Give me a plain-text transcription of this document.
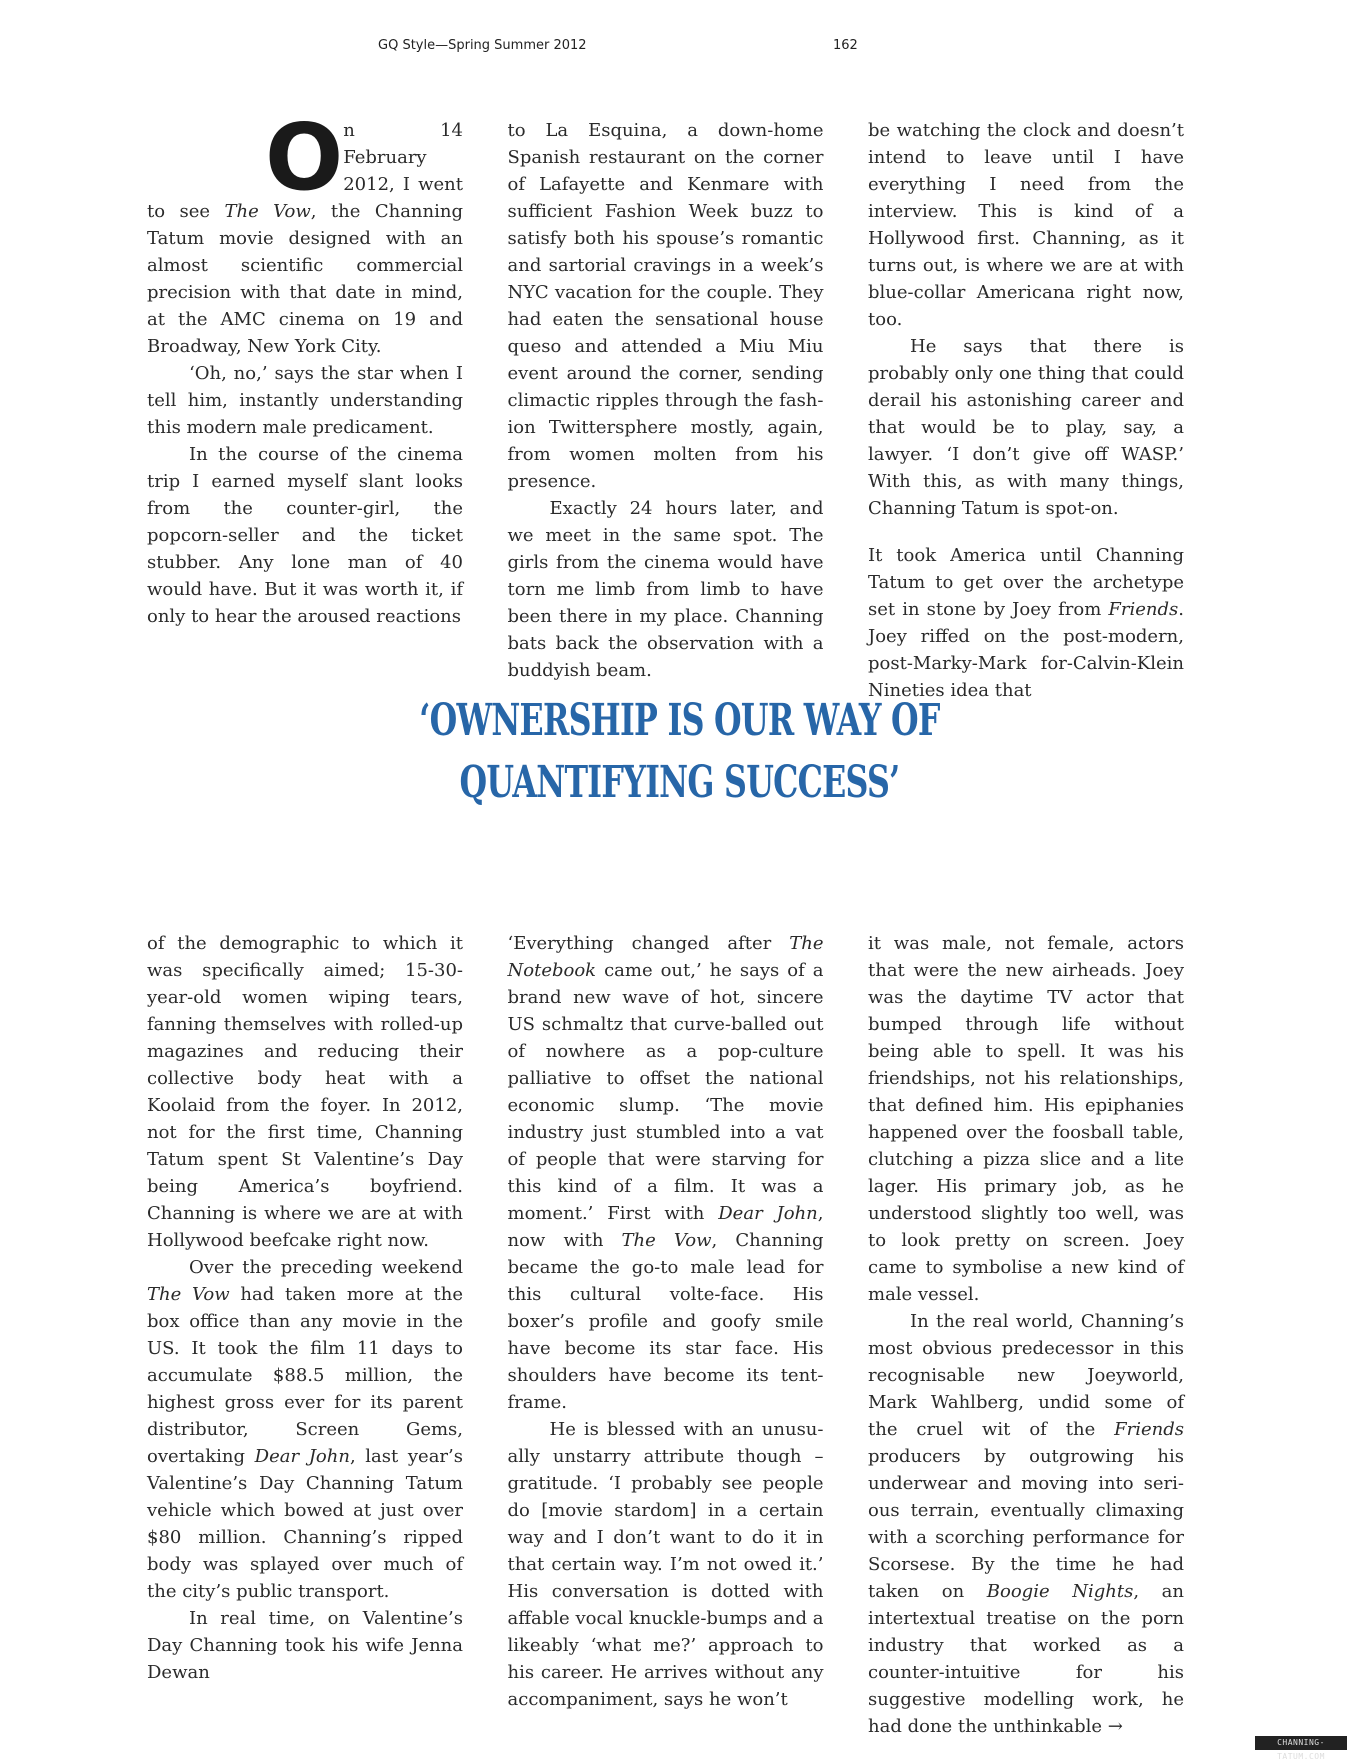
GQ Style—Spring Summer 2012	162

On 14 February 2012, I went to see The Vow, the Channing Tatum movie designed with an almost scientific commercial precision with that date in mind, at the AMC cinema on 19 and Broadway, New York City.

‘Oh, no,’ says the star when I tell him, instantly understanding this modern male predicament.

In the course of the cinema trip I earned myself slant looks from the counter-girl, the popcorn-seller and the ticket stubber. Any lone man of 40 would have. But it was worth it, if only to hear the aroused reactions

to La Esquina, a down-home Spanish restaurant on the corner of Lafayette and Kenmare with sufficient Fashion Week buzz to satisfy both his spouse’s romantic and sartorial cravings in a week’s NYC vacation for the couple. They had eaten the sensational house queso and attended a Miu Miu event around the corner, sending climactic ripples through the fashion Twittersphere mostly, again, from women molten from his presence.

Exactly 24 hours later, and we meet in the same spot. The girls from the cinema would have torn me limb from limb to have been there in my place. Channing bats back the observation with a buddyish beam.

be watching the clock and doesn’t intend to leave until I have everything I need from the interview. This is kind of a Hollywood first. Channing, as it turns out, is where we are at with blue-collar Americana right now, too.

He says that there is probably only one thing that could derail his astonishing career and that would be to play, say, a lawyer. ‘I don’t give off WASP.’ With this, as with many things, Channing Tatum is spot-on.

It took America until Channing Tatum to get over the archetype set in stone by Joey from Friends. Joey riffed on the post-modern, post-Marky-Mark for-Calvin-Klein Nineties idea that

‘OWNERSHIP IS OUR WAY OF
QUANTIFYING SUCCESS’

of the demographic to which it was specifically aimed; 15-30-year-old women wiping tears, fanning themselves with rolled-up magazines and reducing their collective body heat with a Koolaid from the foyer. In 2012, not for the first time, Channing Tatum spent St Valentine’s Day being America’s boyfriend. Channing is where we are at with Hollywood beefcake right now.

Over the preceding weekend The Vow had taken more at the box office than any movie in the US. It took the film 11 days to accumulate $88.5 million, the highest gross ever for its parent distributor, Screen Gems, overtaking Dear John, last year’s Valentine’s Day Channing Tatum vehicle which bowed at just over $80 million. Channing’s ripped body was splayed over much of the city’s public transport.

In real time, on Valentine’s Day Channing took his wife Jenna Dewan

‘Everything changed after The Notebook came out,’ he says of a brand new wave of hot, sincere US schmaltz that curve-balled out of nowhere as a pop-culture palliative to offset the national economic slump. ‘The movie industry just stumbled into a vat of people that were starving for this kind of a film. It was a moment.’ First with Dear John, now with The Vow, Channing became the go-to male lead for this cultural volte-face. His boxer’s profile and goofy smile have become its star face. His shoulders have become its tent-frame.

He is blessed with an unusually unstarry attribute though – gratitude. ‘I probably see people do [movie stardom] in a certain way and I don’t want to do it in that certain way. I’m not owed it.’ His conversation is dotted with affable vocal knuckle-bumps and a likeably ‘what me?’ approach to his career. He arrives without any accompaniment, says he won’t

it was male, not female, actors that were the new airheads. Joey was the daytime TV actor that bumped through life without being able to spell. It was his friendships, not his relationships, that defined him. His epiphanies happened over the foosball table, clutching a pizza slice and a lite lager. His primary job, as he understood slightly too well, was to look pretty on screen. Joey came to symbolise a new kind of male vessel.

In the real world, Channing’s most obvious predecessor in this recognisable new Joeyworld, Mark Wahlberg, undid some of the cruel wit of the Friends producers by outgrowing his underwear and moving into serious terrain, eventually climaxing with a scorching performance for Scorsese. By the time he had taken on Boogie Nights, an intertextual treatise on the porn industry that worked as a counter-intuitive for his suggestive modelling work, he had done the unthinkable →

CHANNING-TATUM.COM
